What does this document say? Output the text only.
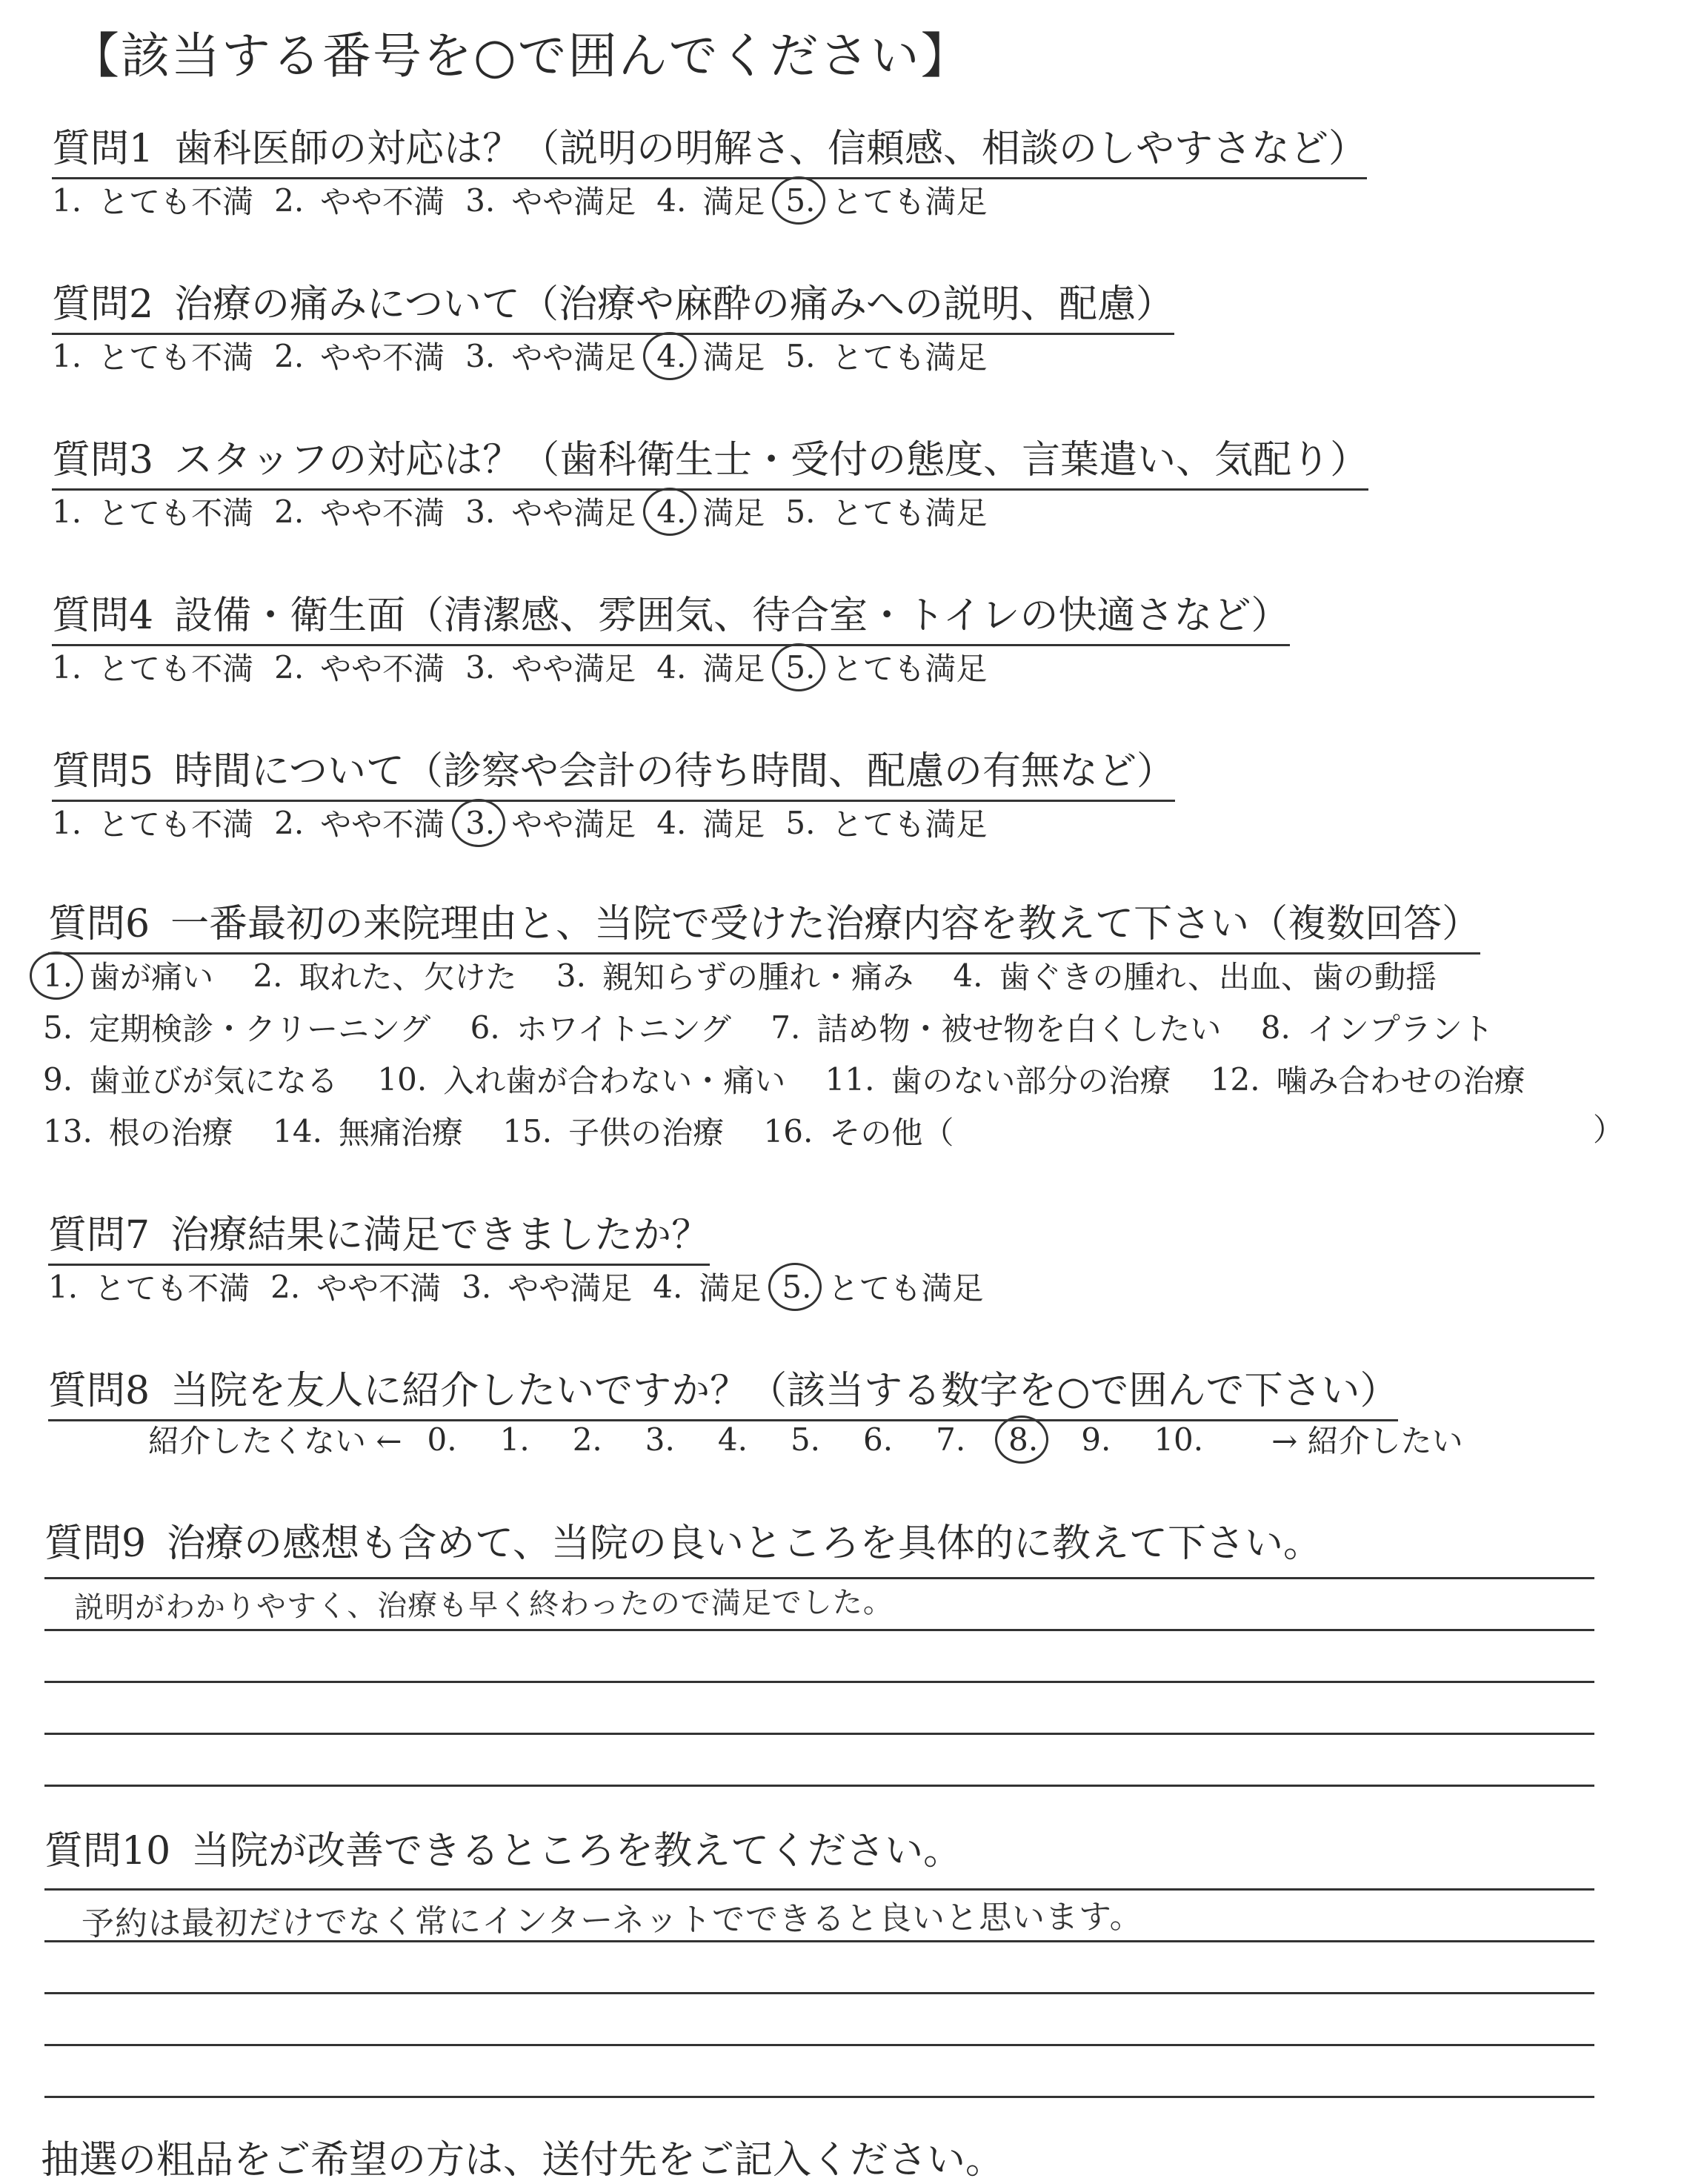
【該当する番号を○で囲んでください】
質問1 歯科医師の対応は？（説明の明解さ、信頼感、相談のしやすさなど）
1. とても不満 2. やや不満 3. やや満足 4. 満足 5. とても満足
質問2 治療の痛みについて（治療や麻酔の痛みへの説明、配慮）
1. とても不満 2. やや不満 3. やや満足 4. 満足 5. とても満足
質問3 スタッフの対応は？（歯科衛生士・受付の態度、言葉遣い、気配り）
1. とても不満 2. やや不満 3. やや満足 4. 満足 5. とても満足
質問4 設備・衛生面（清潔感、雰囲気、待合室・トイレの快適さなど）
1. とても不満 2. やや不満 3. やや満足 4. 満足 5. とても満足
質問5 時間について（診察や会計の待ち時間、配慮の有無など）
1. とても不満 2. やや不満 3. やや満足 4. 満足 5. とても満足
質問6 一番最初の来院理由と、当院で受けた治療内容を教えて下さい（複数回答）
1. 歯が痛い
2. 取れた、欠けた
3. 親知らずの腫れ・痛み
4. 歯ぐきの腫れ、出血、歯の動揺
5. 定期検診・クリーニング
6. ホワイトニング
7. 詰め物・被せ物を白くしたい
8. インプラント
9. 歯並びが気になる
10. 入れ歯が合わない・痛い
11. 歯のない部分の治療
12. 噛み合わせの治療
13. 根の治療
14. 無痛治療
15. 子供の治療
16. その他（	）
質問7 治療結果に満足できましたか？
1. とても不満 2. やや不満 3. やや満足 4. 満足 5. とても満足
質問8 当院を友人に紹介したいですか？（該当する数字を○で囲んで下さい）
紹介したくない ← 0. 1. 2. 3. 4. 5. 6. 7. 8. 9. 10. → 紹介したい
質問9 治療の感想も含めて、当院の良いところを具体的に教えて下さい。
説明がわかりやすく、治療も早く終わったので満足でした。
質問10 当院が改善できるところを教えてください。
予約は最初だけでなく常にインターネットでできると良いと思います。
抽選の粗品をご希望の方は、送付先をご記入ください。
